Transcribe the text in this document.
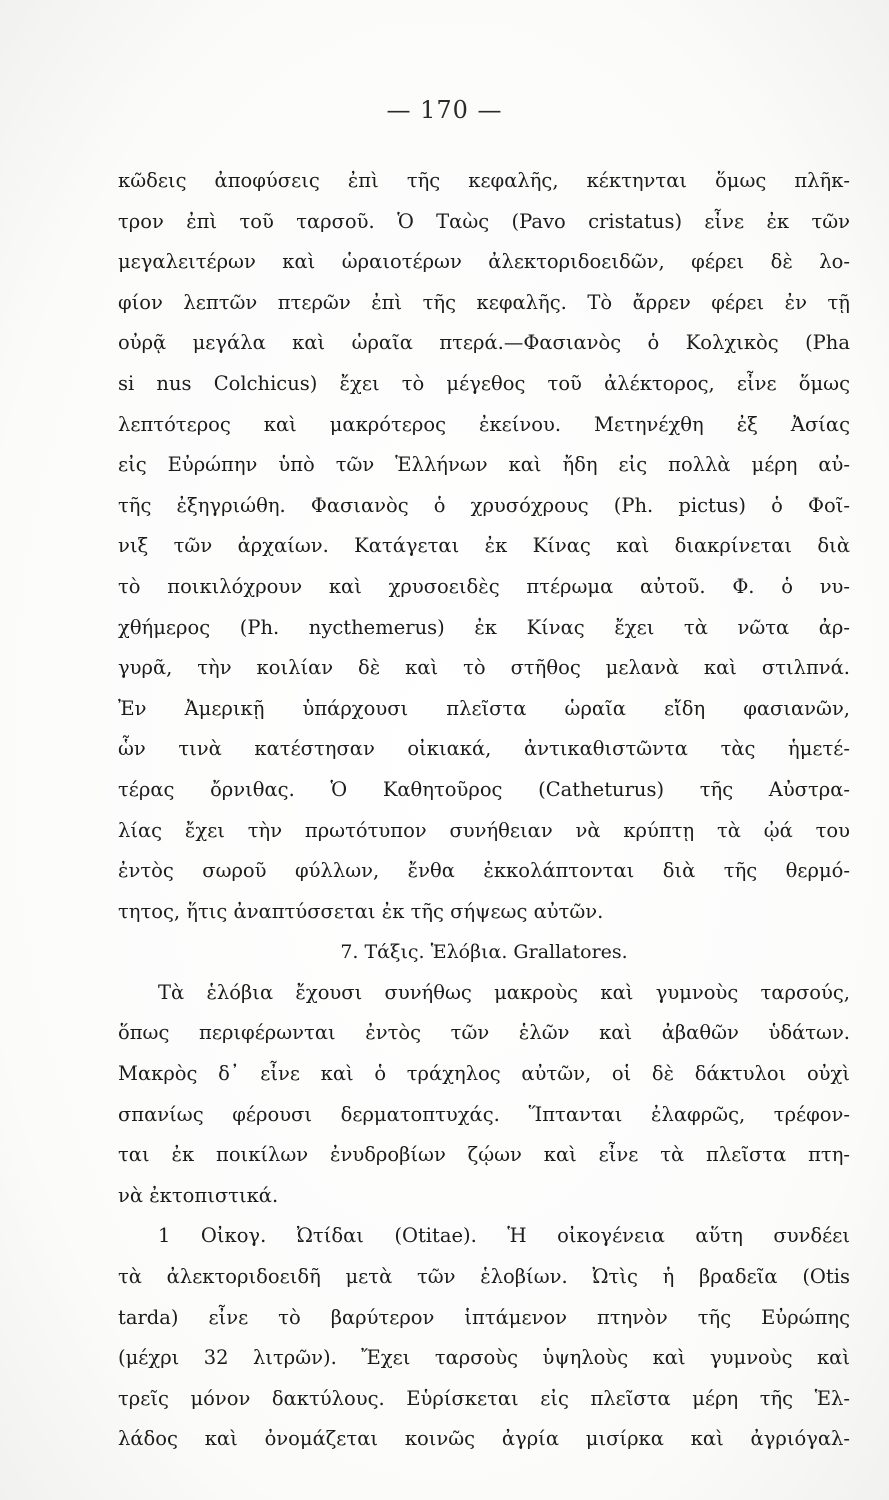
— 170 —
κῶδεις ἀποφύσεις ἐπὶ τῆς κεφαλῆς, κέκτηνται ὅμως πλῆκ-
τρον ἐπὶ τοῦ ταρσοῦ. Ὁ Ταὼς (Pavo cristatus) εἶνε ἐκ τῶν
μεγαλειτέρων καὶ ὡραιοτέρων ἀλεκτοριδοειδῶν, φέρει δὲ λο-
φίον λεπτῶν πτερῶν ἐπὶ τῆς κεφαλῆς. Τὸ ἄρρεν φέρει ἐν τῇ
οὐρᾷ μεγάλα καὶ ὡραῖα πτερά.—Φασιανὸς ὁ Κολχικὸς (Pha
si nus Colchicus) ἔχει τὸ μέγεθος τοῦ ἀλέκτορος, εἶνε ὅμως
λεπτότερος καὶ μακρότερος ἐκείνου. Μετηνέχθη ἐξ Ἀσίας
εἰς Εὐρώπην ὑπὸ τῶν Ἑλλήνων καὶ ἤδη εἰς πολλὰ μέρη αὐ-
τῆς ἐξηγριώθη. Φασιανὸς ὁ χρυσόχρους (Ph. pictus) ὁ Φοῖ-
νιξ τῶν ἀρχαίων. Κατάγεται ἐκ Κίνας καὶ διακρίνεται διὰ
τὸ ποικιλόχρουν καὶ χρυσοειδὲς πτέρωμα αὐτοῦ. Φ. ὁ νυ-
χθήμερος (Ph. nycthemerus) ἐκ Κίνας ἔχει τὰ νῶτα ἀρ-
γυρᾶ, τὴν κοιλίαν δὲ καὶ τὸ στῆθος μελανὰ καὶ στιλπνά.
Ἐν Ἀμερικῇ ὑπάρχουσι πλεῖστα ὡραῖα εἴδη φασιανῶν,
ὧν τινὰ κατέστησαν οἰκιακά, ἀντικαθιστῶντα τὰς ἡμετέ-
τέρας ὄρνιθας. Ὁ Καθητοῦρος (Catheturus) τῆς Αὐστρα-
λίας ἔχει τὴν πρωτότυπον συνήθειαν νὰ κρύπτῃ τὰ ᾠά του
ἐντὸς σωροῦ φύλλων, ἔνθα ἐκκολάπτονται διὰ τῆς θερμό-
τητος, ἥτις ἀναπτύσσεται ἐκ τῆς σήψεως αὐτῶν.
7. Τάξις. Ἑλόβια. Grallatores.
Τὰ ἑλόβια ἔχουσι συνήθως μακροὺς καὶ γυμνοὺς ταρσούς,
ὅπως περιφέρωνται ἐντὸς τῶν ἑλῶν καὶ ἀβαθῶν ὑδάτων.
Μακρὸς δ᾿ εἶνε καὶ ὁ τράχηλος αὐτῶν, οἱ δὲ δάκτυλοι οὐχὶ
σπανίως φέρουσι δερματοπτυχάς. Ἵπτανται ἐλαφρῶς, τρέφον-
ται ἐκ ποικίλων ἐνυδροβίων ζῴων καὶ εἶνε τὰ πλεῖστα πτη-
νὰ ἐκτοπιστικά.
1 Οἰκογ. Ὠτίδαι (Otitae). Ἡ οἰκογένεια αὕτη συνδέει
τὰ ἀλεκτοριδοειδῆ μετὰ τῶν ἑλοβίων. Ὠτὶς ἡ βραδεῖα (Otis
tarda) εἶνε τὸ βαρύτερον ἱπτάμενον πτηνὸν τῆς Εὐρώπης
(μέχρι 32 λιτρῶν). Ἔχει ταρσοὺς ὑψηλοὺς καὶ γυμνοὺς καὶ
τρεῖς μόνον δακτύλους. Εὑρίσκεται εἰς πλεῖστα μέρη τῆς Ἑλ-
λάδος καὶ ὀνομάζεται κοινῶς ἀγρία μισίρκα καὶ ἀγριόγαλ-
